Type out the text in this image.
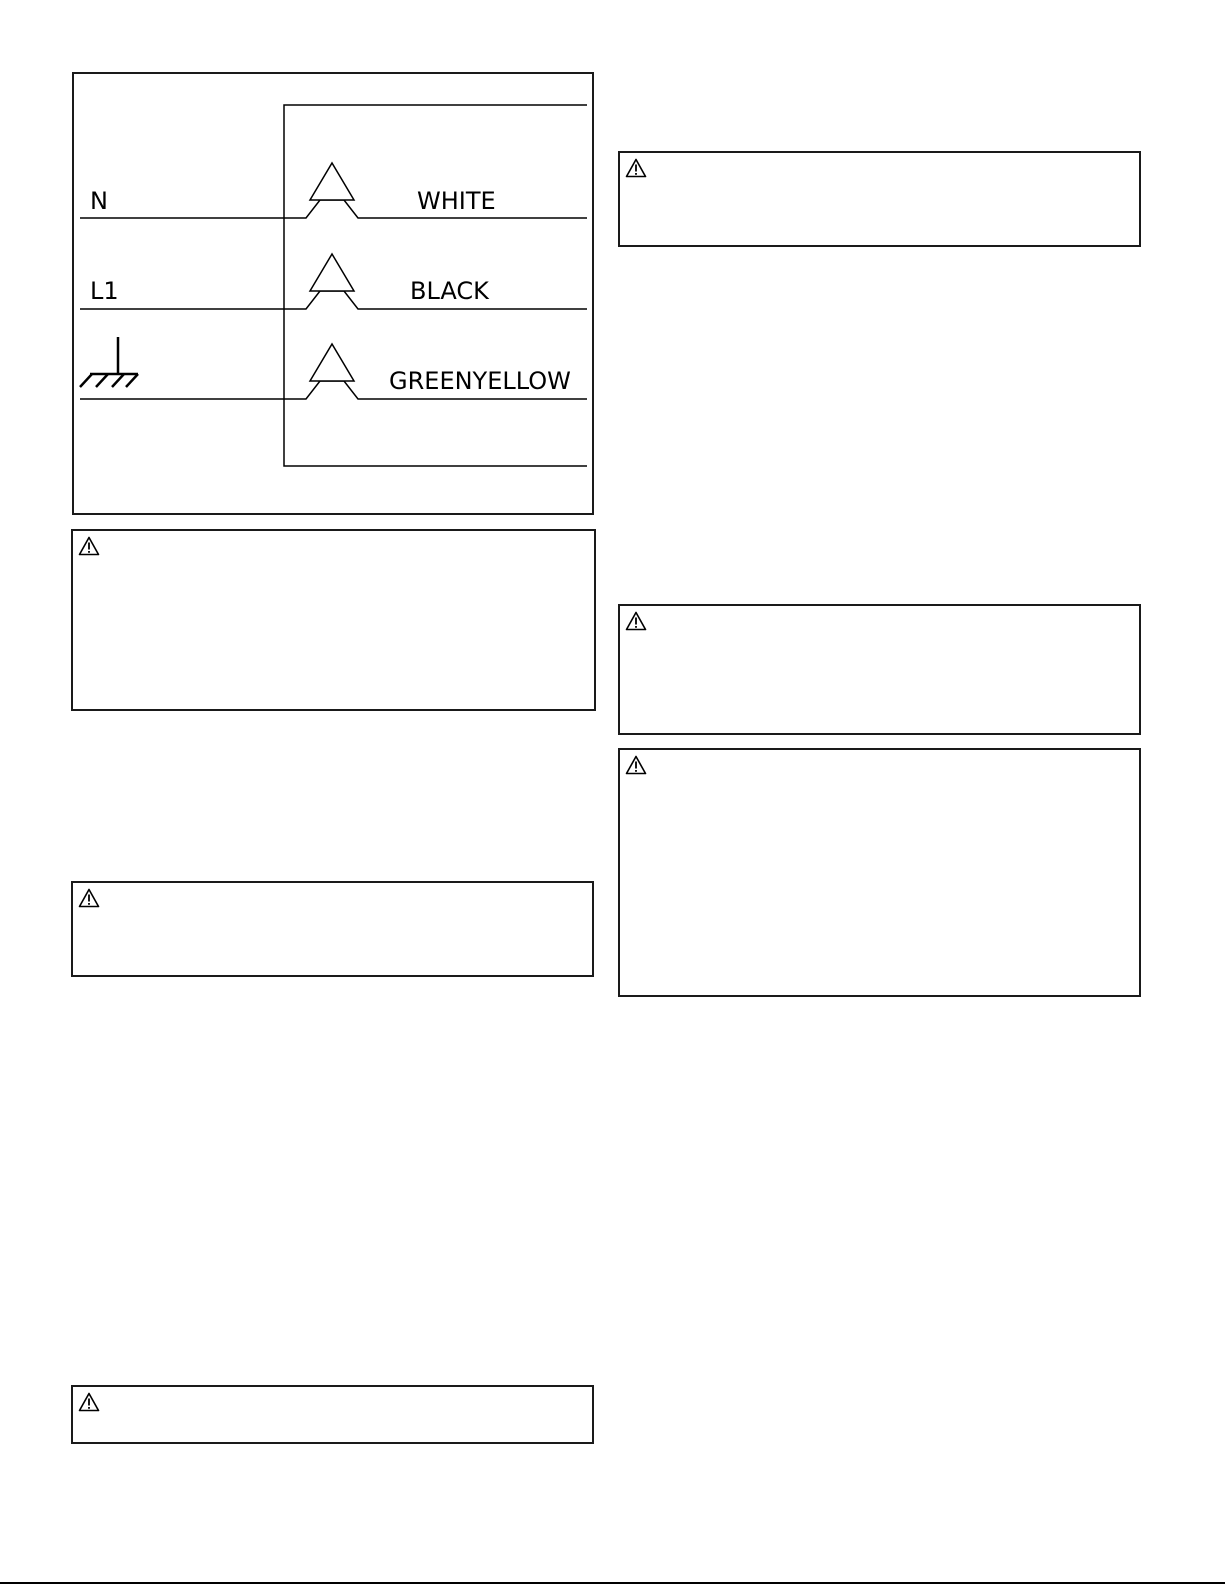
N
L1
WHITE
BLACK
GREENYELLOW
